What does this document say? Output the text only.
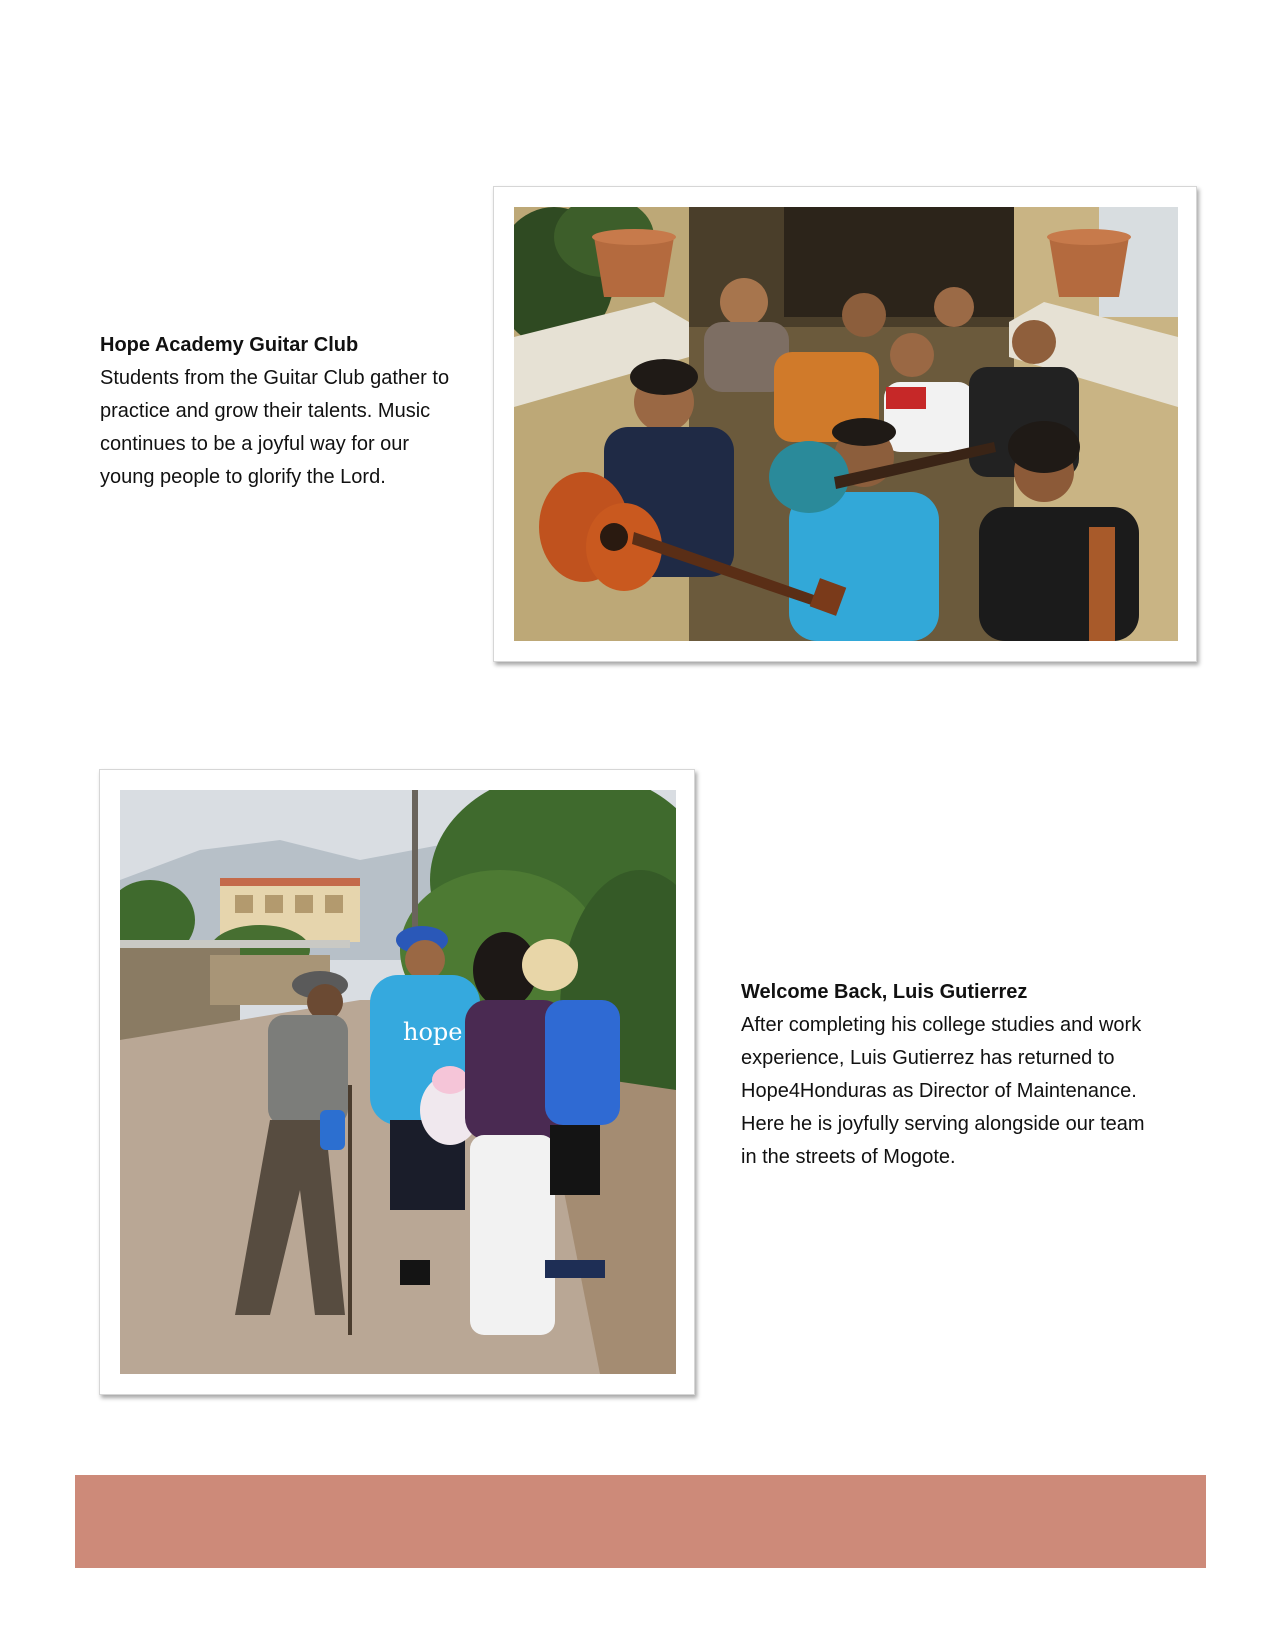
Hope Academy Guitar Club
Students from the Guitar Club gather to practice and grow their talents. Music continues to be a joyful way for our young people to glorify the Lord.
hope
Welcome Back, Luis Gutierrez
After completing his college studies and work experience, Luis Gutierrez has returned to Hope4Honduras as Director of Maintenance. Here he is joyfully serving alongside our team in the streets of Mogote.
